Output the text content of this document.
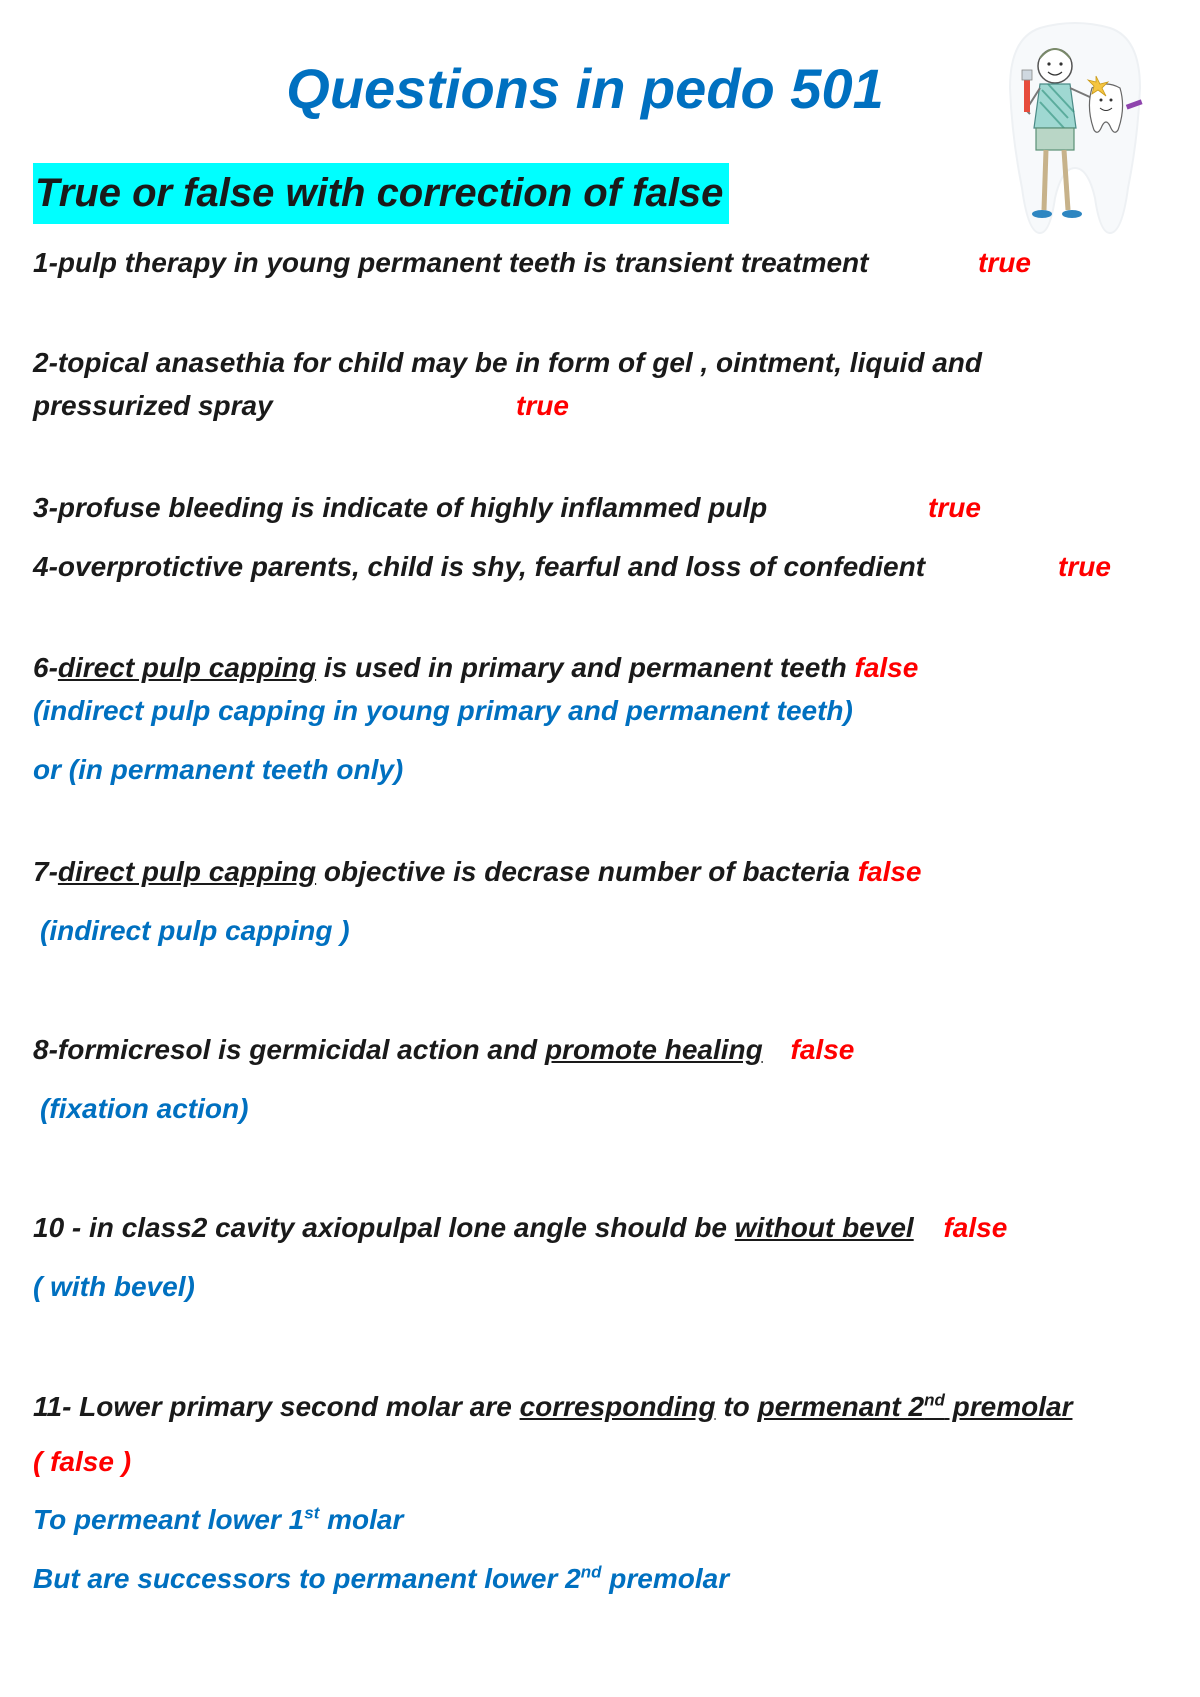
Questions in pedo 501
True or false with correction of false
1-pulp therapy in young permanent teeth is transient treatment	true
2-topical anasethia for child may be in form of gel , ointment, liquid and
pressurized spray	true
3-profuse bleeding is indicate of highly inflammed pulp	true
4-overprotictive parents, child is shy, fearful and loss of confedient	true
6-direct pulp capping is used in primary and permanent teeth false
(indirect pulp capping in young primary and permanent teeth)
or (in permanent teeth only)
7-direct pulp capping objective is decrase number of bacteria false
(indirect pulp capping )
8-formicresol is germicidal action and promote healing false
(fixation action)
10 - in class2 cavity axiopulpal lone angle should be without bevel false
( with bevel)
11- Lower primary second molar are corresponding to permenant 2nd premolar
( false )
To permeant lower 1st molar
But are successors to permanent lower 2nd premolar
